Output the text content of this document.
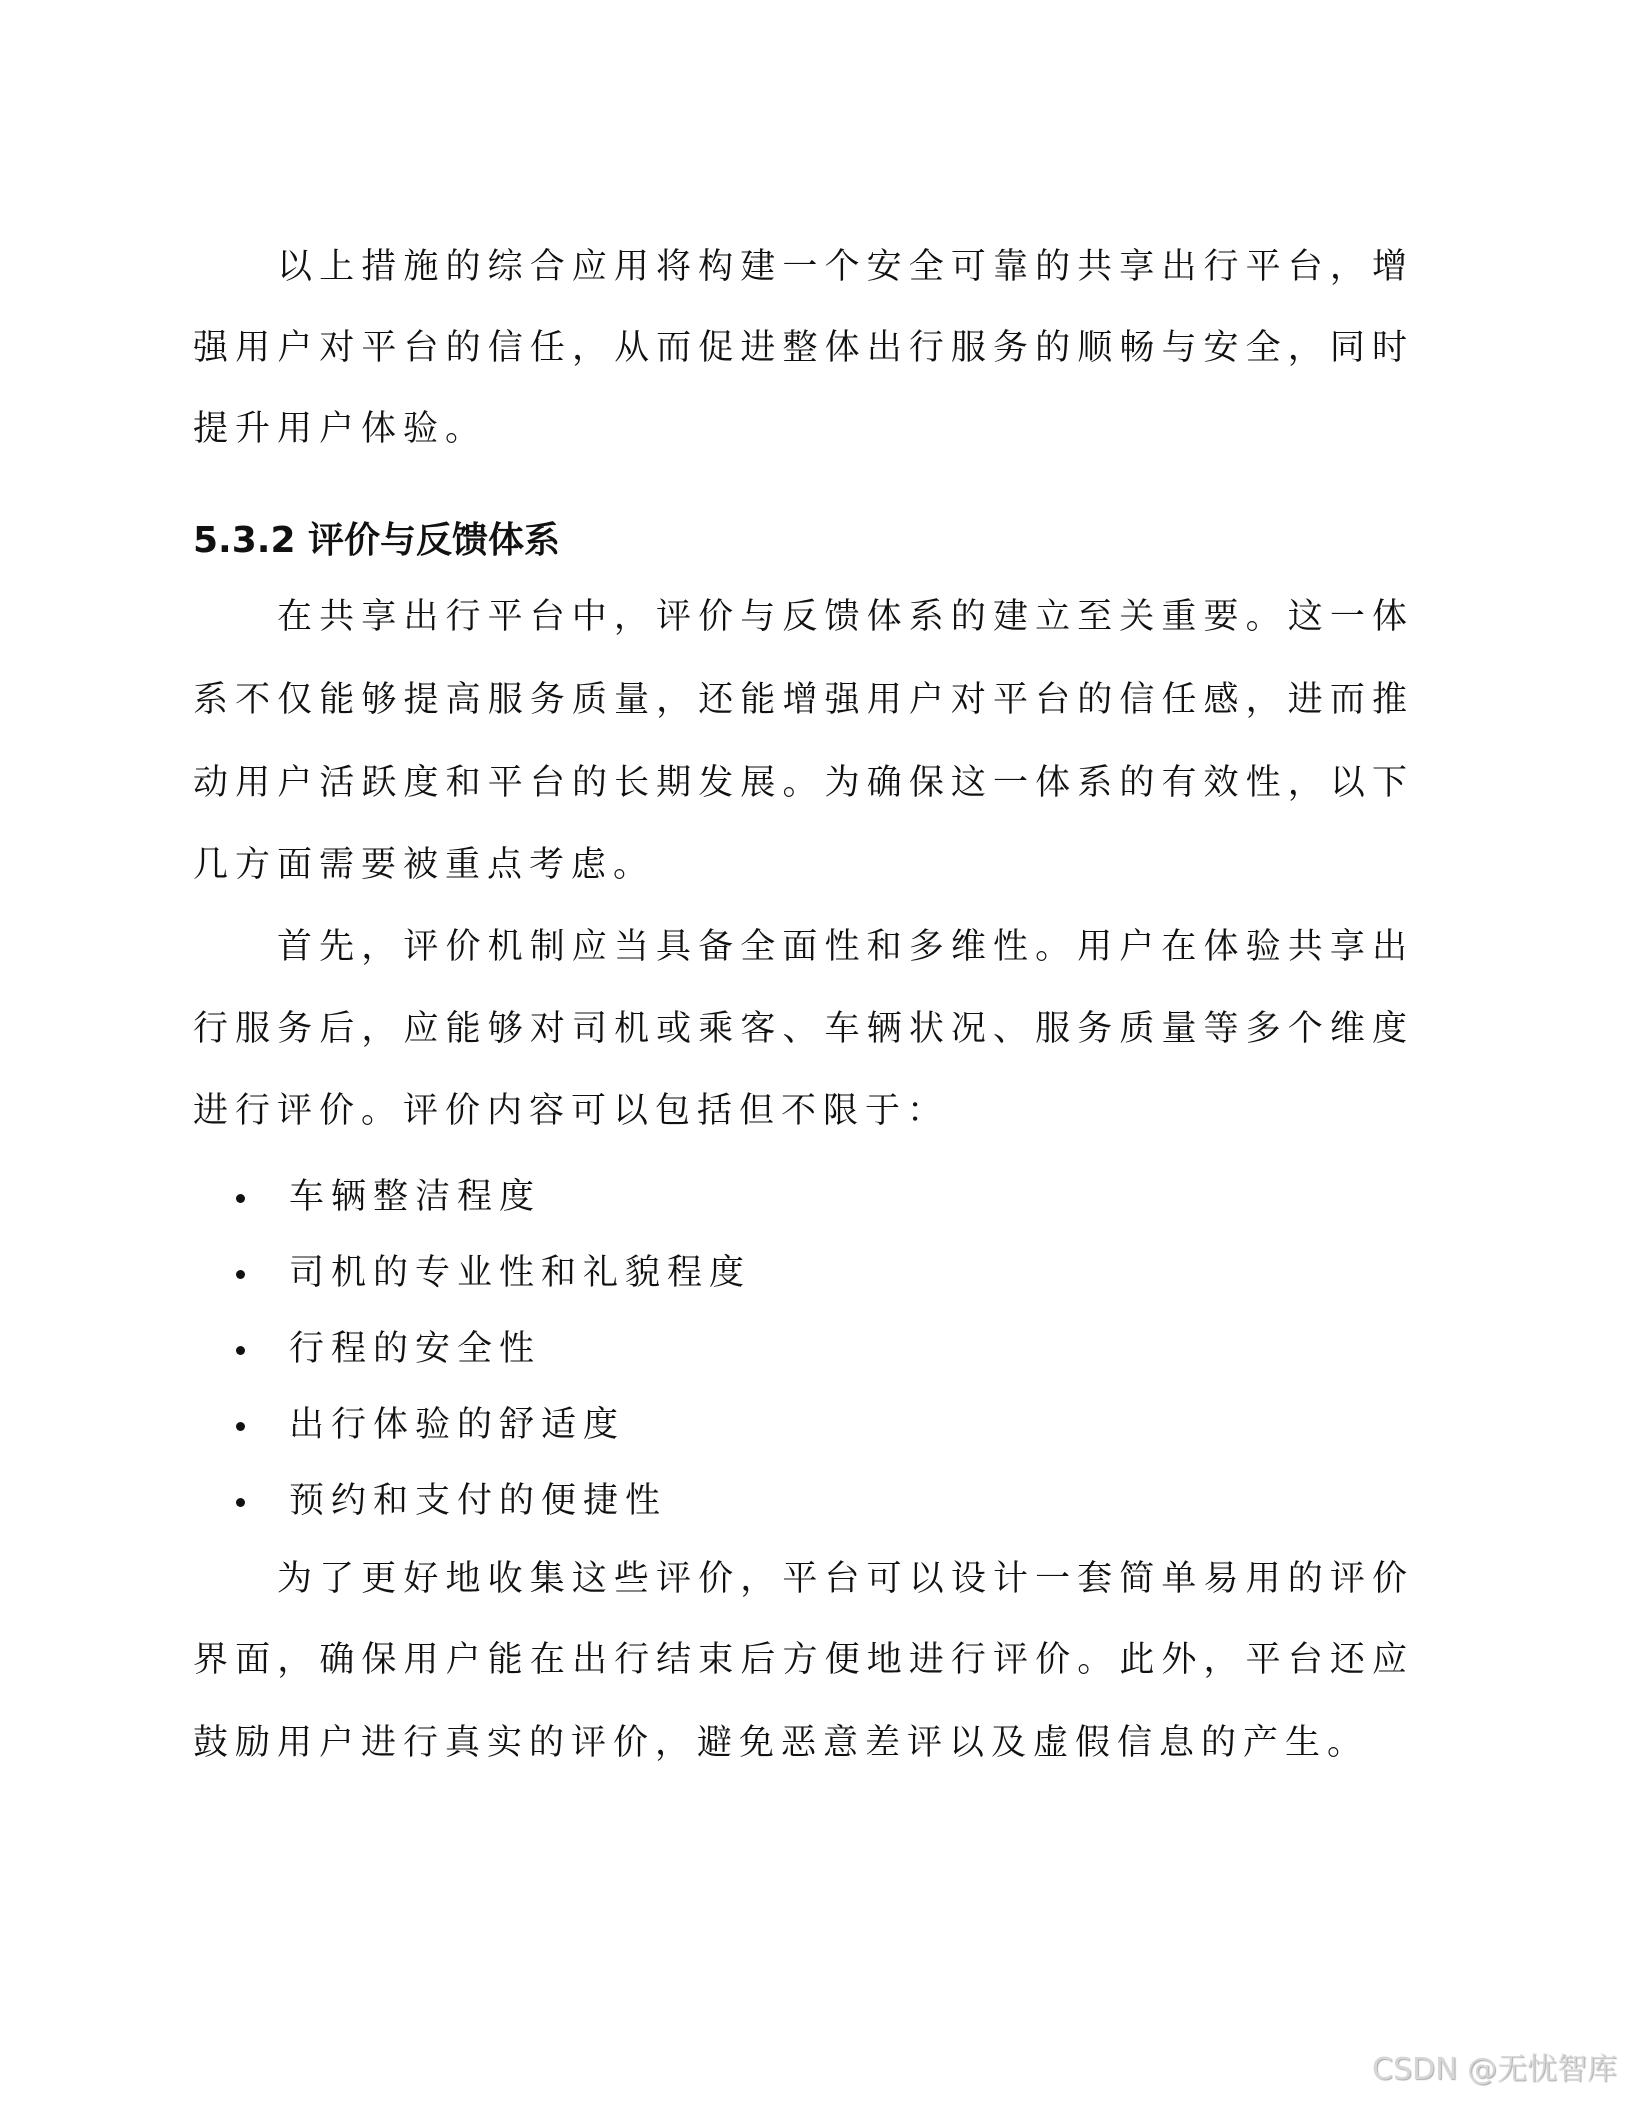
以上措施的综合应用将构建一个安全可靠的共享出行平台，增
强用户对平台的信任，从而促进整体出行服务的顺畅与安全，同时
提升用户体验。
5.3.2 评价与反馈体系
在共享出行平台中，评价与反馈体系的建立至关重要。这一体
系不仅能够提高服务质量，还能增强用户对平台的信任感，进而推
动用户活跃度和平台的长期发展。为确保这一体系的有效性，以下
几方面需要被重点考虑。
首先，评价机制应当具备全面性和多维性。用户在体验共享出
行服务后，应能够对司机或乘客、车辆状况、服务质量等多个维度
进行评价。评价内容可以包括但不限于：
车辆整洁程度
司机的专业性和礼貌程度
行程的安全性
出行体验的舒适度
预约和支付的便捷性
为了更好地收集这些评价，平台可以设计一套简单易用的评价
界面，确保用户能在出行结束后方便地进行评价。此外，平台还应
鼓励用户进行真实的评价，避免恶意差评以及虚假信息的产生。
CSDN @无忧智库
